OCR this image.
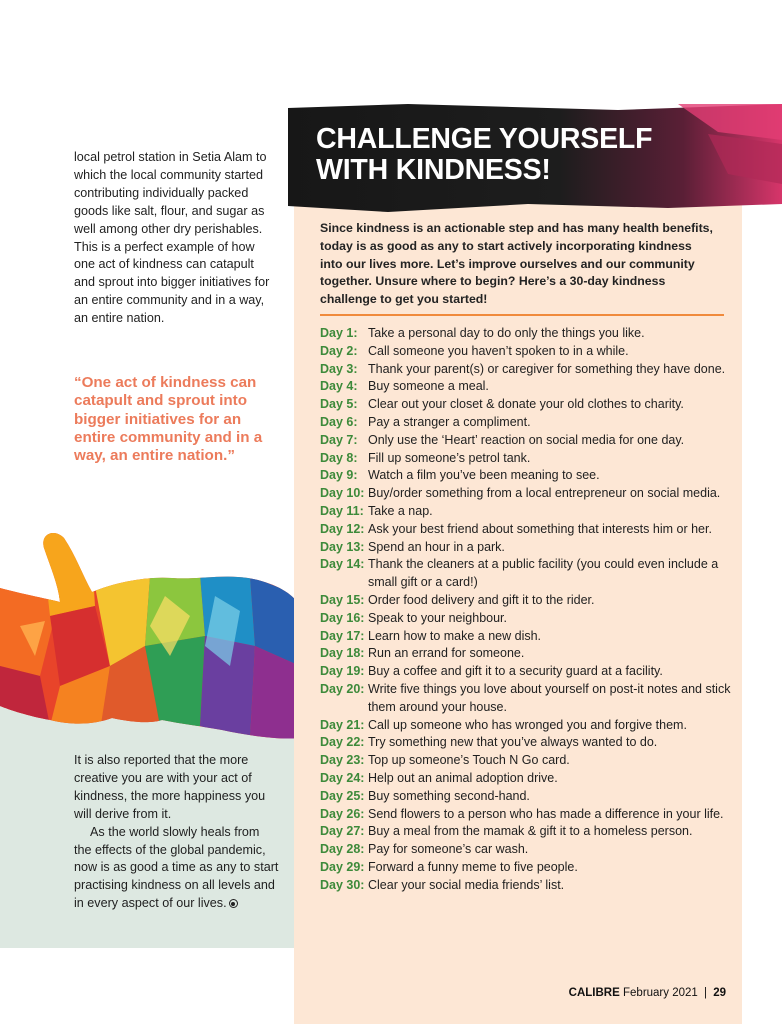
local petrol station in Setia Alam to which the local community started contributing individually packed goods like salt, flour, and sugar as well among other dry perishables. This is a perfect example of how one act of kindness can catapult and sprout into bigger initiatives for an entire community and in a way, an entire nation.
“One act of kindness can catapult and sprout into bigger initiatives for an entire community and in a way, an entire nation.”

It is also reported that the more creative you are with your act of kindness, the more happiness you will derive from it.

As the world slowly heals from the effects of the global pandemic, now is as good a time as any to start practising kindness on all levels and in every aspect of our lives.

CHALLENGE YOURSELF
WITH KINDNESS!
Since kindness is an actionable step and has many health benefits, today is as good as any to start actively incorporating kindness into our lives more. Let’s improve ourselves and our community together. Unsure where to begin? Here’s a 30-day kindness challenge to get you started!
Day 1: Take a personal day to do only the things you like.
Day 2: Call someone you haven’t spoken to in a while.
Day 3: Thank your parent(s) or caregiver for something they have done.
Day 4: Buy someone a meal.
Day 5: Clear out your closet & donate your old clothes to charity.
Day 6: Pay a stranger a compliment.
Day 7: Only use the ‘Heart’ reaction on social media for one day.
Day 8: Fill up someone’s petrol tank.
Day 9: Watch a film you’ve been meaning to see.
Day 10: Buy/order something from a local entrepreneur on social media.
Day 11: Take a nap.
Day 12: Ask your best friend about something that interests him or her.
Day 13: Spend an hour in a park.
Day 14: Thank the cleaners at a public facility (you could even include a small gift or a card!)
Day 15: Order food delivery and gift it to the rider.
Day 16: Speak to your neighbour.
Day 17: Learn how to make a new dish.
Day 18: Run an errand for someone.
Day 19: Buy a coffee and gift it to a security guard at a facility.
Day 20: Write five things you love about yourself on post-it notes and stick them around your house.
Day 21: Call up someone who has wronged you and forgive them.
Day 22: Try something new that you’ve always wanted to do.
Day 23: Top up someone’s Touch N Go card.
Day 24: Help out an animal adoption drive.
Day 25: Buy something second-hand.
Day 26: Send flowers to a person who has made a difference in your life.
Day 27: Buy a meal from the mamak & gift it to a homeless person.
Day 28: Pay for someone’s car wash.
Day 29: Forward a funny meme to five people.
Day 30: Clear your social media friends’ list.
CALIBRE February 2021 | 29
